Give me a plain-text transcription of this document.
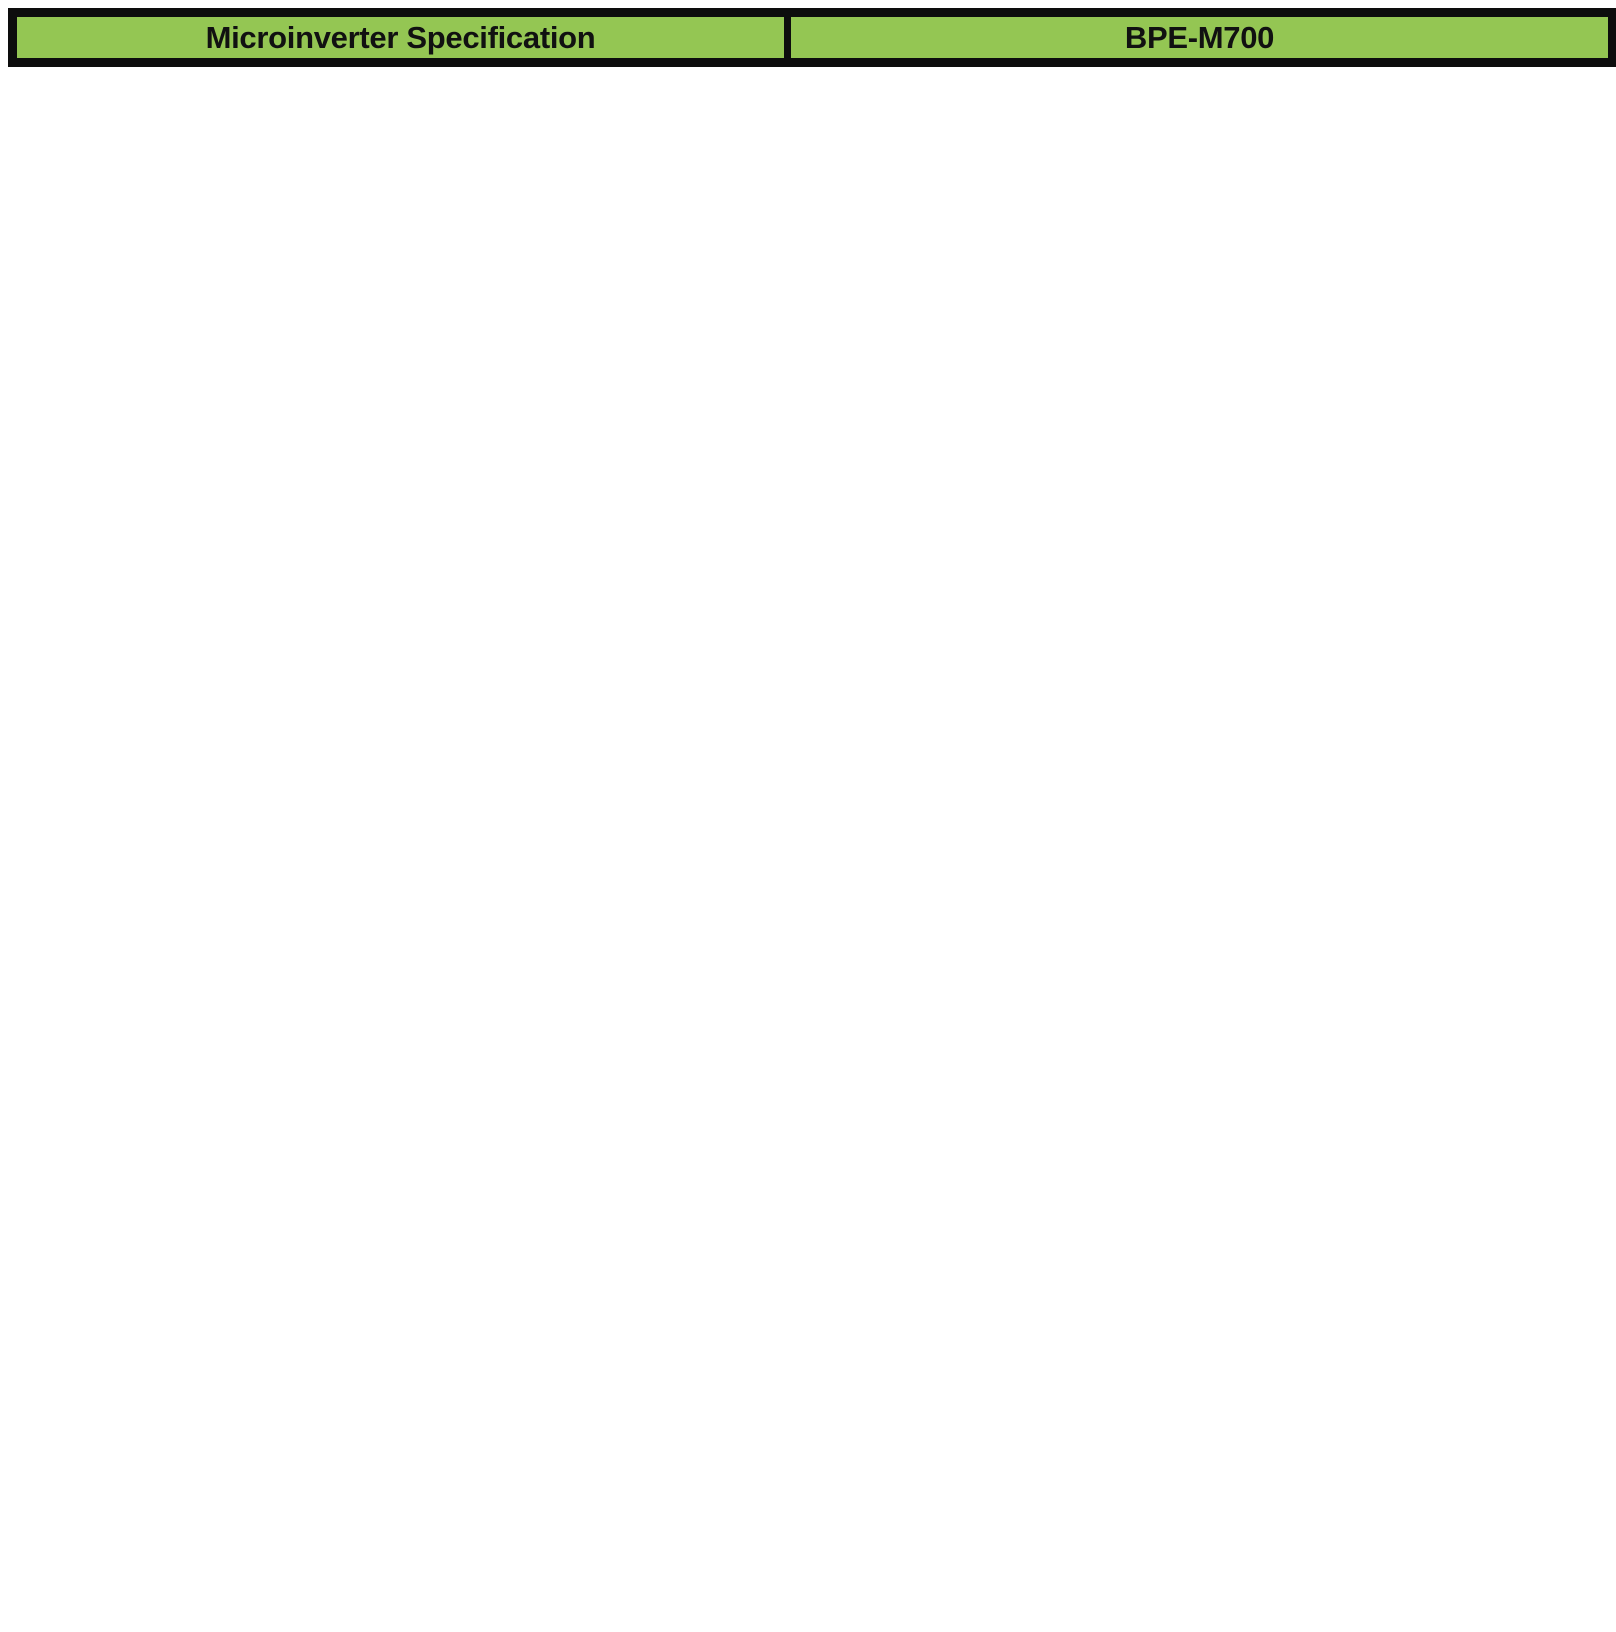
Microinverter Specification	BPE-M700
